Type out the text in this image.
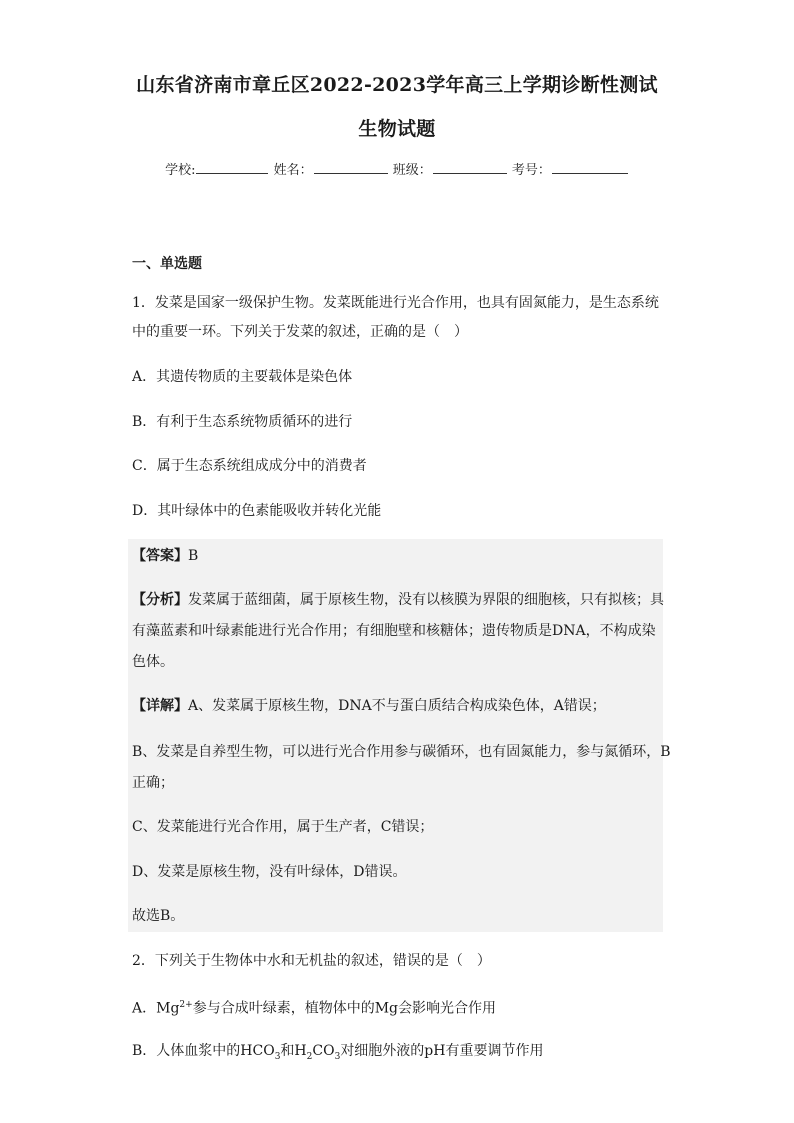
山东省济南市章丘区2022-2023学年高三上学期诊断性测试
生物试题
学校:	姓名：	班级：	考号：
一、单选题
1．发菜是国家一级保护生物。发菜既能进行光合作用，也具有固氮能力，是生态系统
中的重要一环。下列关于发菜的叙述，正确的是（　）
A．其遗传物质的主要载体是染色体
B．有利于生态系统物质循环的进行
C．属于生态系统组成成分中的消费者
D．其叶绿体中的色素能吸收并转化光能
【答案】B
【分析】发菜属于蓝细菌，属于原核生物，没有以核膜为界限的细胞核，只有拟核；具
有藻蓝素和叶绿素能进行光合作用；有细胞壁和核糖体；遗传物质是DNA，不构成染
色体。
【详解】A、发菜属于原核生物，DNA不与蛋白质结合构成染色体，A错误；
B、发菜是自养型生物，可以进行光合作用参与碳循环，也有固氮能力，参与氮循环，B
正确；
C、发菜能进行光合作用，属于生产者，C错误；
D、发菜是原核生物，没有叶绿体，D错误。
故选B。
2．下列关于生物体中水和无机盐的叙述，错误的是（　）
A．$Mg^{2+}$参与合成叶绿素，植物体中的Mg会影响光合作用
B．人体血浆中的$HCO_3$和$H_2CO_3$对细胞外液的pH有重要调节作用
